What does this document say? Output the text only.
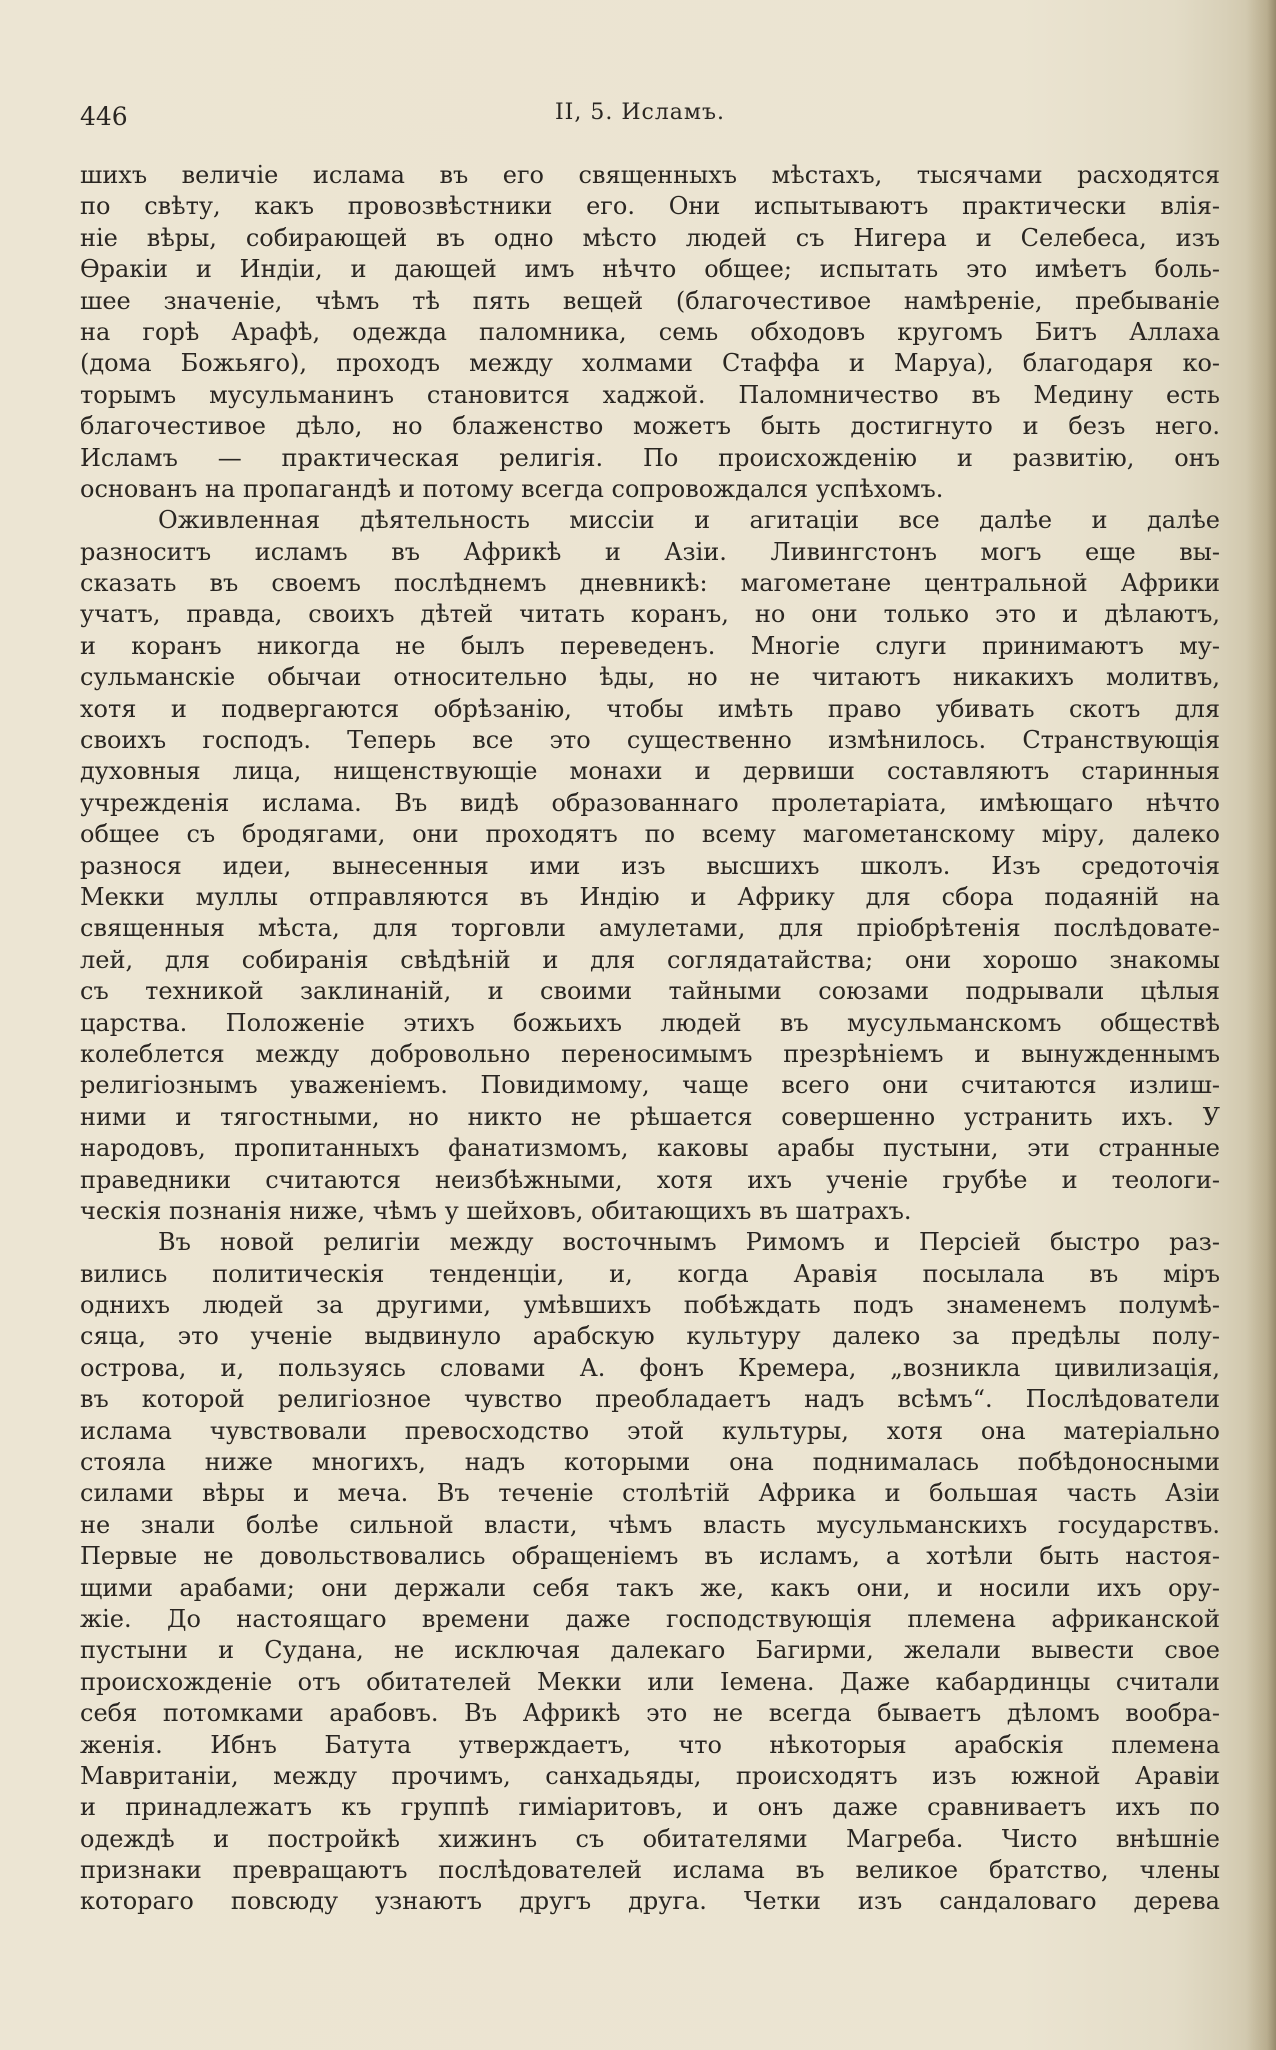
446	II, 5. Исламъ.
шихъ величіе ислама въ его священныхъ мѣстахъ, тысячами расходятся
по свѣту, какъ провозвѣстники его. Они испытываютъ практически влія-
ніе вѣры, собирающей въ одно мѣсто людей съ Нигера и Селебеса, изъ
Ѳракіи и Индіи, и дающей имъ нѣчто общее; испытать это имѣетъ боль-
шее значеніе, чѣмъ тѣ пять вещей (благочестивое намѣреніе, пребываніе
на горѣ Арафѣ, одежда паломника, семь обходовъ кругомъ Битъ Аллаха
(дома Божьяго), проходъ между холмами Стаффа и Маруа), благодаря ко-
торымъ мусульманинъ становится хаджой. Паломничество въ Медину есть
благочестивое дѣло, но блаженство можетъ быть достигнуто и безъ него.
Исламъ — практическая религія. По происхожденію и развитію, онъ
основанъ на пропагандѣ и потому всегда сопровождался успѣхомъ.
Оживленная дѣятельность миссіи и агитаціи все далѣе и далѣе
разноситъ исламъ въ Африкѣ и Азіи. Ливингстонъ могъ еще вы-
сказать въ своемъ послѣднемъ дневникѣ: магометане центральной Африки
учатъ, правда, своихъ дѣтей читать коранъ, но они только это и дѣлаютъ,
и коранъ никогда не былъ переведенъ. Многіе слуги принимаютъ му-
сульманскіе обычаи относительно ѣды, но не читаютъ никакихъ молитвъ,
хотя и подвергаются обрѣзанію, чтобы имѣть право убивать скотъ для
своихъ господъ. Теперь все это существенно измѣнилось. Странствующія
духовныя лица, нищенствующіе монахи и дервиши составляютъ старинныя
учрежденія ислама. Въ видѣ образованнаго пролетаріата, имѣющаго нѣчто
общее съ бродягами, они проходятъ по всему магометанскому міру, далеко
разнося идеи, вынесенныя ими изъ высшихъ школъ. Изъ средоточія
Мекки муллы отправляются въ Индію и Африку для сбора подаяній на
священныя мѣста, для торговли амулетами, для пріобрѣтенія послѣдовате-
лей, для собиранія свѣдѣній и для соглядатайства; они хорошо знакомы
съ техникой заклинаній, и своими тайными союзами подрывали цѣлыя
царства. Положеніе этихъ божьихъ людей въ мусульманскомъ обществѣ
колеблется между добровольно переносимымъ презрѣніемъ и вынужденнымъ
религіознымъ уваженіемъ. Повидимому, чаще всего они считаются излиш-
ними и тягостными, но никто не рѣшается совершенно устранить ихъ. У
народовъ, пропитанныхъ фанатизмомъ, каковы арабы пустыни, эти странные
праведники считаются неизбѣжными, хотя ихъ ученіе грубѣе и теологи-
ческія познанія ниже, чѣмъ у шейховъ, обитающихъ въ шатрахъ.
Въ новой религіи между восточнымъ Римомъ и Персіей быстро раз-
вились политическія тенденціи, и, когда Аравія посылала въ міръ
однихъ людей за другими, умѣвшихъ побѣждать подъ знаменемъ полумѣ-
сяца, это ученіе выдвинуло арабскую культуру далеко за предѣлы полу-
острова, и, пользуясь словами А. фонъ Кремера, „возникла цивилизація,
въ которой религіозное чувство преобладаетъ надъ всѣмъ“. Послѣдователи
ислама чувствовали превосходство этой культуры, хотя она матеріально
стояла ниже многихъ, надъ которыми она поднималась побѣдоносными
силами вѣры и меча. Въ теченіе столѣтій Африка и большая часть Азіи
не знали болѣе сильной власти, чѣмъ власть мусульманскихъ государствъ.
Первые не довольствовались обращеніемъ въ исламъ, а хотѣли быть настоя-
щими арабами; они держали себя такъ же, какъ они, и носили ихъ ору-
жіе. До настоящаго времени даже господствующія племена африканской
пустыни и Судана, не исключая далекаго Багирми, желали вывести свое
происхожденіе отъ обитателей Мекки или Іемена. Даже кабардинцы считали
себя потомками арабовъ. Въ Африкѣ это не всегда бываетъ дѣломъ вообра-
женія. Ибнъ Батута утверждаетъ, что нѣкоторыя арабскія племена
Мавританіи, между прочимъ, санхадьяды, происходятъ изъ южной Аравіи
и принадлежатъ къ группѣ гиміаритовъ, и онъ даже сравниваетъ ихъ по
одеждѣ и постройкѣ хижинъ съ обитателями Магреба. Чисто внѣшніе
признаки превращаютъ послѣдователей ислама въ великое братство, члены
котораго повсюду узнаютъ другъ друга. Четки изъ сандаловаго дерева
